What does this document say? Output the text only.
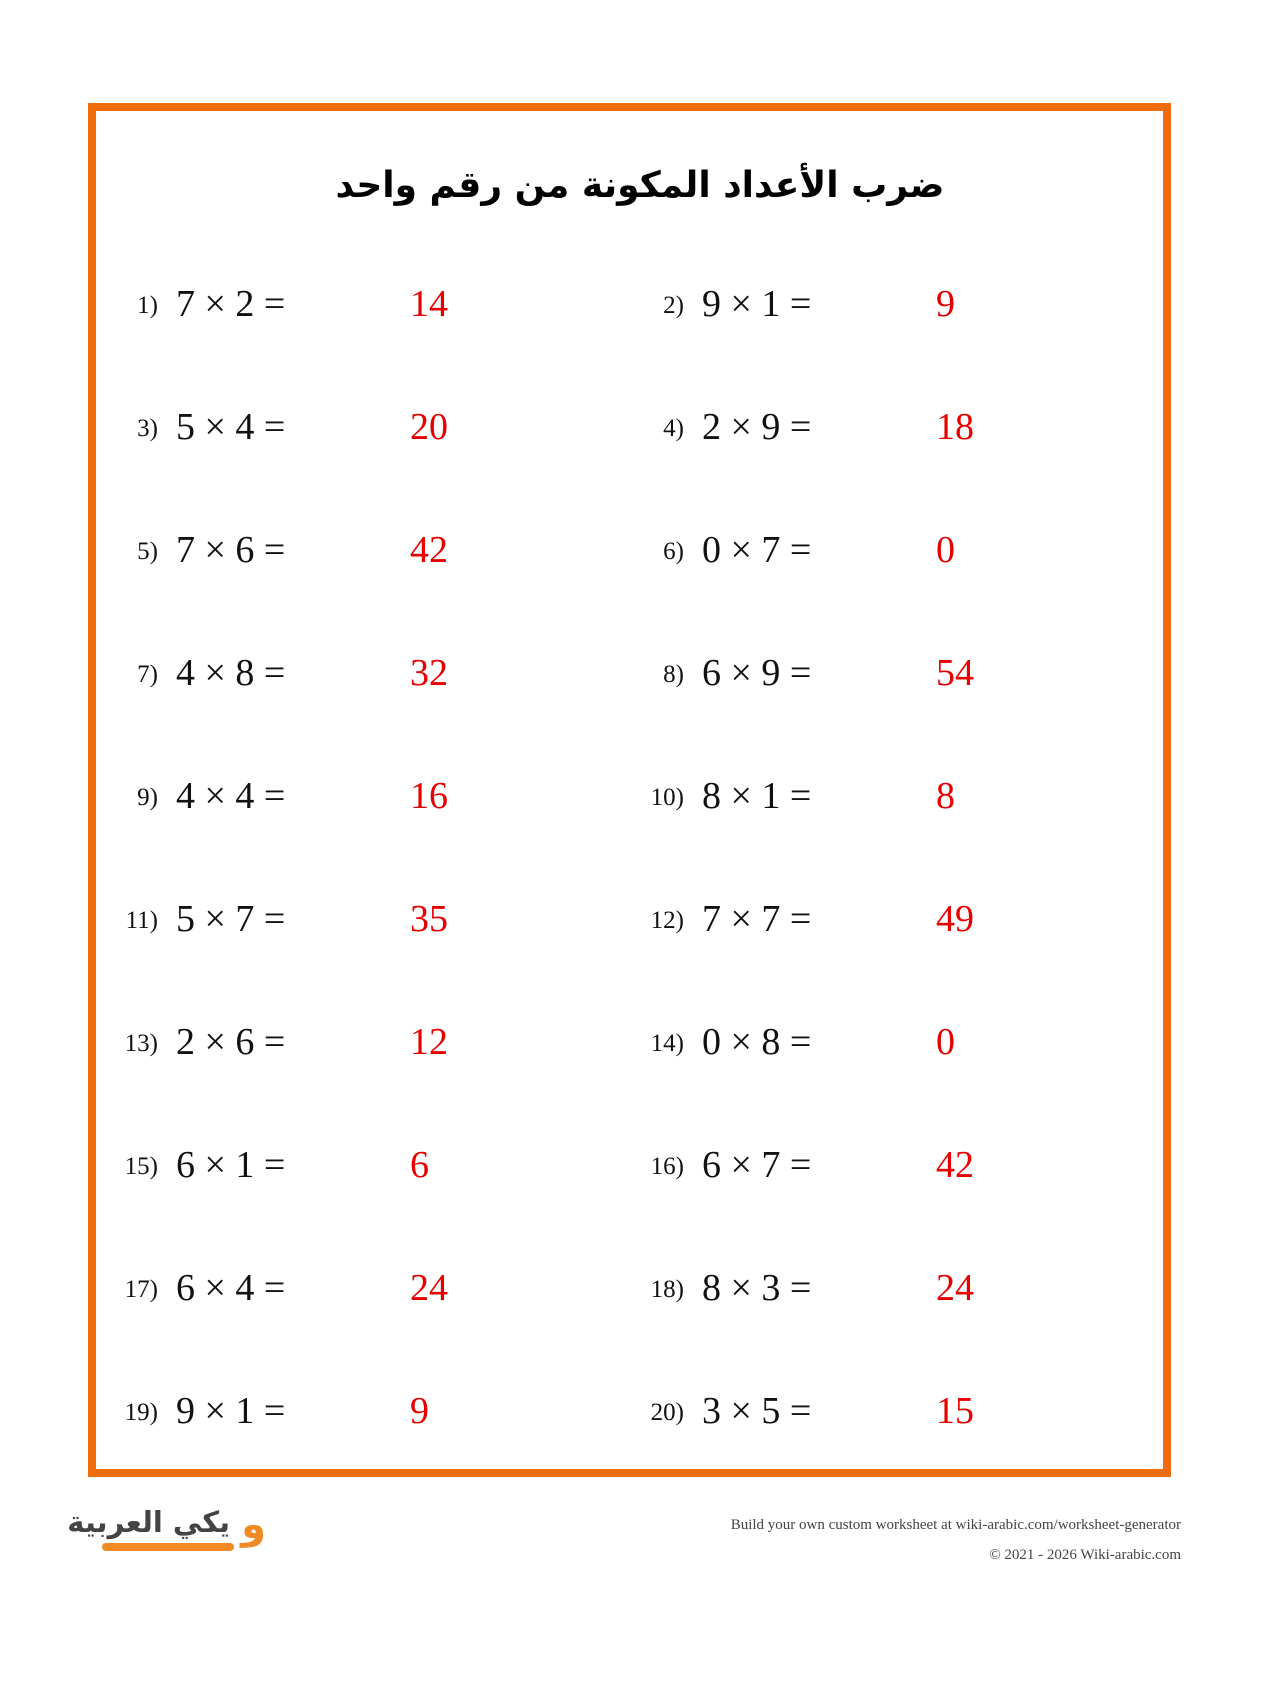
ضرب الأعداد المكونة من رقم واحد
1) 7 × 2 =	14	2) 9 × 1 =	9
3) 5 × 4 =	20	4) 2 × 9 =	18
5) 7 × 6 =	42	6) 0 × 7 =	0
7) 4 × 8 =	32	8) 6 × 9 =	54
9) 4 × 4 =	16	10) 8 × 1 =	8
11) 5 × 7 =	35	12) 7 × 7 =	49
13) 2 × 6 =	12	14) 0 × 8 =	0
15) 6 × 1 =	6	16) 6 × 7 =	42
17) 6 × 4 =	24	18) 8 × 3 =	24
19) 9 × 1 =	9	20) 3 × 5 =	15
يكي العربية و	Build your own custom worksheet at wiki-arabic.com/worksheet-generator
© 2021 - 2026 Wiki-arabic.com
